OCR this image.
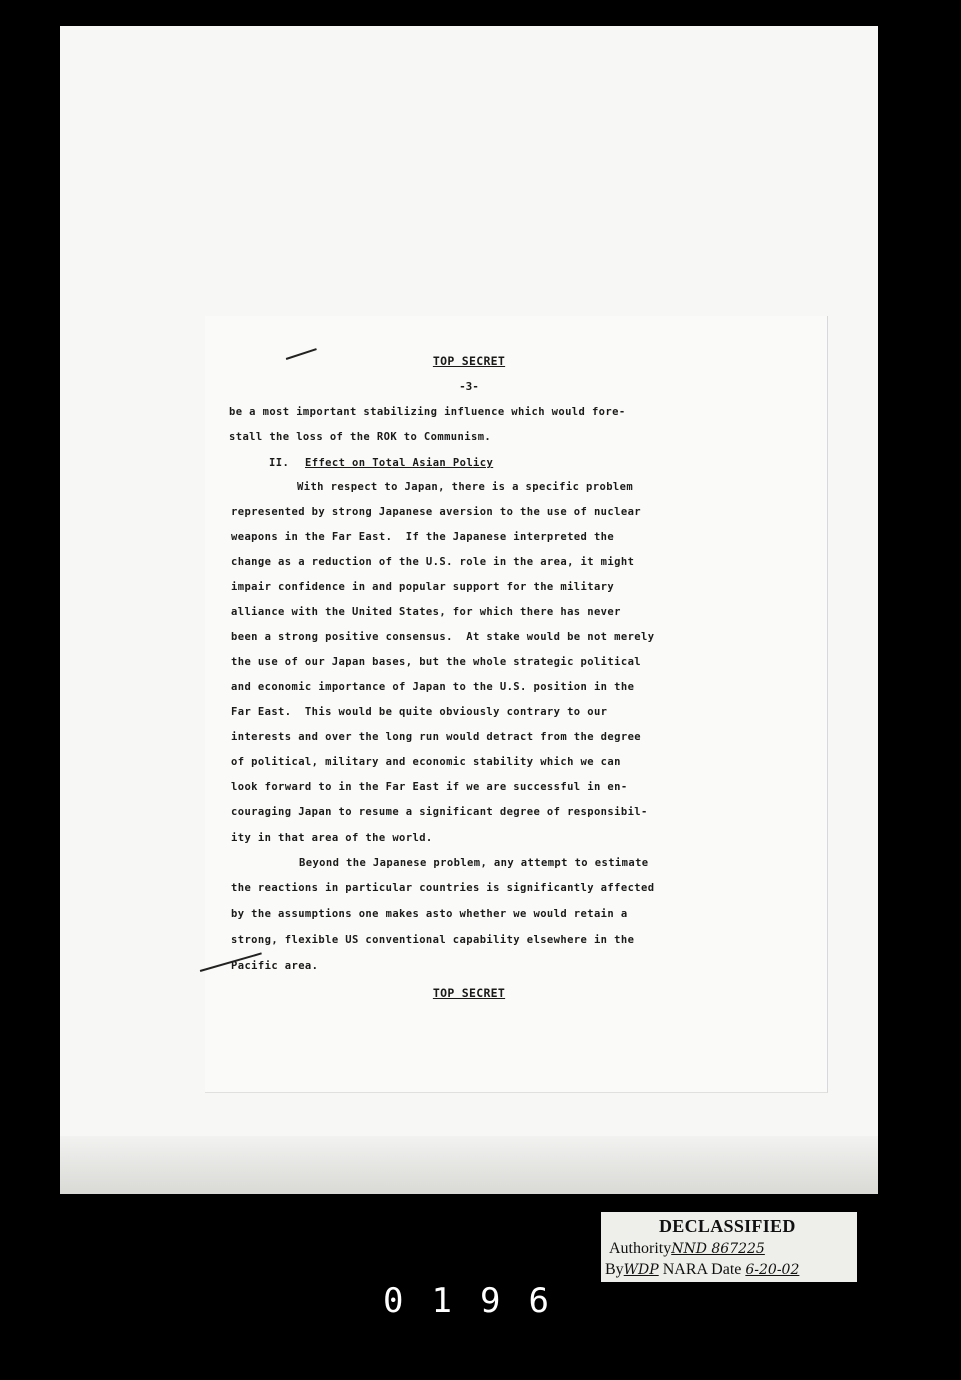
TOP SECRET
-3-
be a most important stabilizing influence which would fore-
stall the loss of the ROK to Communism.
II. Effect on Total Asian Policy
With respect to Japan, there is a specific problem
represented by strong Japanese aversion to the use of nuclear
weapons in the Far East.  If the Japanese interpreted the
change as a reduction of the U.S. role in the area, it might
impair confidence in and popular support for the military
alliance with the United States, for which there has never
been a strong positive consensus.  At stake would be not merely
the use of our Japan bases, but the whole strategic political
and economic importance of Japan to the U.S. position in the
Far East.  This would be quite obviously contrary to our
interests and over the long run would detract from the degree
of political, military and economic stability which we can
look forward to in the Far East if we are successful in en-
couraging Japan to resume a significant degree of responsibil-
ity in that area of the world.
Beyond the Japanese problem, any attempt to estimate
the reactions in particular countries is significantly affected
by the assumptions one makes asto whether we would retain a
strong, flexible US conventional capability elsewhere in the
Pacific area.
TOP SECRET
DECLASSIFIED
AuthorityNND 867225
ByWDP NARA Date 6-20-02
0196
